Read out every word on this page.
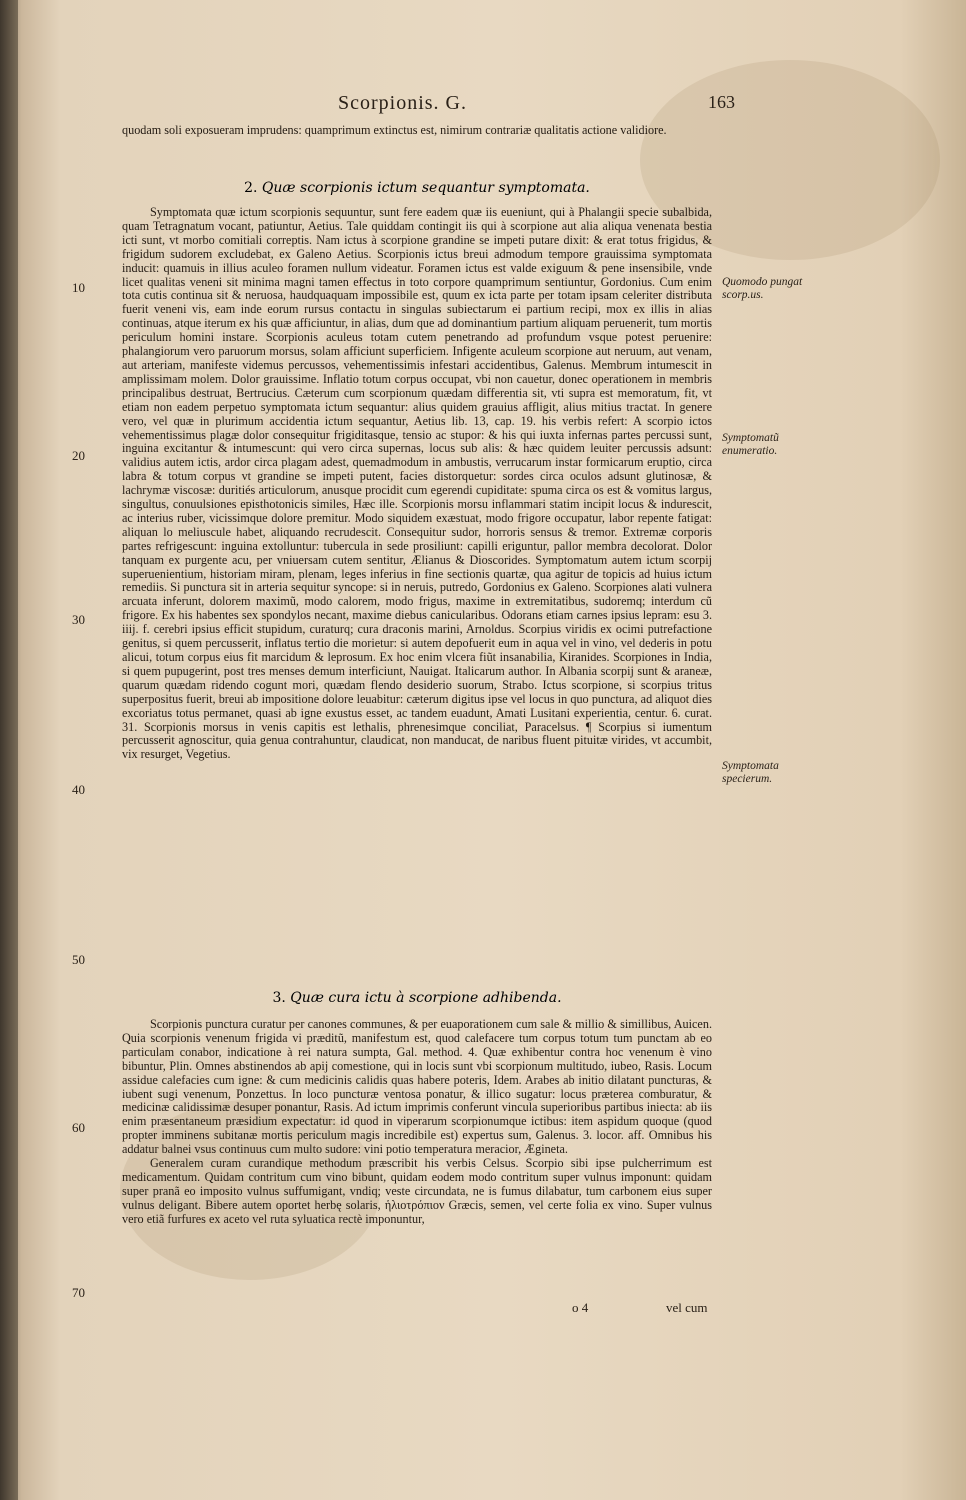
Scorpionis. G.	163

quodam soli exposueram imprudens: quamprimum extinctus est, nimirum contrariæ qualitatis actione validiore.

2. Quæ scorpionis ictum sequantur symptomata.

Symptomata quæ ictum scorpionis sequuntur, sunt fere eadem quæ iis eueniunt, qui à Phalangii specie subalbida, quam Tetragnatum vocant, patiuntur, Aetius. Tale quiddam contingit iis qui à scorpione aut alia aliqua venenata bestia icti sunt, vt morbo comitiali correptis. Nam ictus à scorpione grandine se impeti putare dixit: & erat totus frigidus, & frigidum sudorem excludebat, ex Galeno Aetius. Scorpionis ictus breui admodum tempore grauissima symptomata inducit: quamuis in illius aculeo foramen nullum videatur. Foramen ictus est valde exiguum & pene insensibile, vnde licet qualitas veneni sit minima magni tamen effectus in toto corpore quamprimum sentiuntur, Gordonius. Cum enim tota cutis continua sit & neruosa, haudquaquam impossibile est, quum ex icta parte per totam ipsam celeriter distributa fuerit veneni vis, eam inde eorum rursus contactu in singulas subiectarum ei partium recipi, mox ex illis in alias continuas, atque iterum ex his quæ afficiuntur, in alias, dum que ad dominantium partium aliquam peruenerit, tum mortis periculum homini instare. Scorpionis aculeus totam cutem penetrando ad profundum vsque potest peruenire: phalangiorum vero paruorum morsus, solam afficiunt superficiem. Infigente aculeum scorpione aut neruum, aut venam, aut arteriam, manifeste videmus percussos, vehementissimis infestari accidentibus, Galenus. Membrum intumescit in amplissimam molem. Dolor grauissime. Inflatio totum corpus occupat, vbi non cauetur, donec operationem in membris principalibus destruat, Bertrucius. Cæterum cum scorpionum quædam differentia sit, vti supra est memoratum, fit, vt etiam non eadem perpetuo symptomata ictum sequantur: alius quidem grauius affligit, alius mitius tractat. In genere vero, vel quæ in plurimum accidentia ictum sequantur, Aetius lib. 13, cap. 19. his verbis refert: A scorpio ictos vehementissimus plagæ dolor consequitur frigiditasque, tensio ac stupor: & his qui iuxta infernas partes percussi sunt, inguina excitantur & intumescunt: qui vero circa supernas, locus sub alis: & hæc quidem leuiter percussis adsunt: validius autem ictis, ardor circa plagam adest, quemadmodum in ambustis, verrucarum instar formicarum eruptio, circa labra & totum corpus vt grandine se impeti putent, facies distorquetur: sordes circa oculos adsunt glutinosæ, & lachrymæ viscosæ: duritiés articulorum, anusque procidit cum egerendi cupiditate: spuma circa os est & vomitus largus, singultus, conuulsiones episthotonicis similes, Hæc ille. Scorpionis morsu inflammari statim incipit locus & indurescit, ac interius ruber, vicissimque dolore premitur. Modo siquidem exæstuat, modo frigore occupatur, labor repente fatigat: aliquan lo meliuscule habet, aliquando recrudescit. Consequitur sudor, horroris sensus & tremor. Extremæ corporis partes refrigescunt: inguina extolluntur: tubercula in sede prosiliunt: capilli eriguntur, pallor membra decolorat. Dolor tanquam ex purgente acu, per vniuersam cutem sentitur, Ælianus & Dioscorides. Symptomatum autem ictum scorpij superuenientium, historiam miram, plenam, leges inferius in fine sectionis quartæ, qua agitur de topicis ad huius ictum remediis. Si punctura sit in arteria sequitur syncope: si in neruis, putredo, Gordonius ex Galeno. Scorpiones alati vulnera arcuata inferunt, dolorem maximũ, modo calorem, modo frigus, maxime in extremitatibus, sudoremq; interdum cũ frigore. Ex his habentes sex spondylos necant, maxime diebus canicularibus. Odorans etiam carnes ipsius lepram: esu 3. iiij. f. cerebri ipsius efficit stupidum, curaturq; cura draconis marini, Arnoldus. Scorpius viridis ex ocimi putrefactione genitus, si quem percusserit, inflatus tertio die morietur: si autem depofuerit eum in aqua vel in vino, vel dederis in potu alicui, totum corpus eius fit marcidum & leprosum. Ex hoc enim vlcera fiũt insanabilia, Kiranides. Scorpiones in India, si quem pupugerint, post tres menses demum interficiunt, Nauigat. Italicarum author. In Albania scorpij sunt & araneæ, quarum quædam ridendo cogunt mori, quædam flendo desiderio suorum, Strabo. Ictus scorpione, si scorpius tritus superpositus fuerit, breui ab impositione dolore leuabitur: cæterum digitus ipse vel locus in quo punctura, ad aliquot dies excoriatus totus permanet, quasi ab igne exustus esset, ac tandem euadunt, Amati Lusitani experientia, centur. 6. curat. 31. Scorpionis morsus in venis capitis est lethalis, phrenesimque conciliat, Paracelsus. ¶ Scorpius si iumentum percusserit agnoscitur, quia genua contrahuntur, claudicat, non manducat, de naribus fluent pituitæ virides, vt accumbit, vix resurget, Vegetius.

3. Quæ cura ictu à scorpione adhibenda.

Scorpionis punctura curatur per canones communes, & per euaporationem cum sale & millio & simillibus, Auicen. Quia scorpionis venenum frigida vi præditũ, manifestum est, quod calefacere tum corpus totum tum punctam ab eo particulam conabor, indicatione à rei natura sumpta, Gal. method. 4. Quæ exhibentur contra hoc venenum è vino bibuntur, Plin. Omnes abstinendos ab apij comestione, qui in locis sunt vbi scorpionum multitudo, iubeo, Rasis. Locum assidue calefacies cum igne: & cum medicinis calidis quas habere poteris, Idem. Arabes ab initio dilatant puncturas, & iubent sugi venenum, Ponzettus. In loco puncturæ ventosa ponatur, & illico sugatur: locus præterea comburatur, & medicinæ calidissimæ desuper ponantur, Rasis. Ad ictum imprimis conferunt vincula superioribus partibus iniecta: ab iis enim præsentaneum præsidium expectatur: id quod in viperarum scorpionumque ictibus: item aspidum quoque (quod propter imminens subitanæ mortis periculum magis incredibile est) expertus sum, Galenus. 3. locor. aff. Omnibus his addatur balnei vsus continuus cum multo sudore: vini potio temperatura meracior, Ægineta.

Generalem curam curandique methodum præscribit his verbis Celsus. Scorpio sibi ipse pulcherrimum est medicamentum. Quidam contritum cum vino bibunt, quidam eodem modo contritum super vulnus imponunt: quidam super pranã eo imposito vulnus suffumigant, vndiq; veste circundata, ne is fumus dilabatur, tum carbonem eius super vulnus deligant. Bibere autem oportet herbę solaris, ἡλιοτρόπιον Græcis, semen, vel certe folia ex vino. Super vulnus vero etiã furfures ex aceto vel ruta syluatica rectè imponuntur,

10
20
30
40
50
60
70
Quomodo pungat scorp.us.
Symptomatũ enumeratio.
Symptomata specierum.
o 4	vel cum
